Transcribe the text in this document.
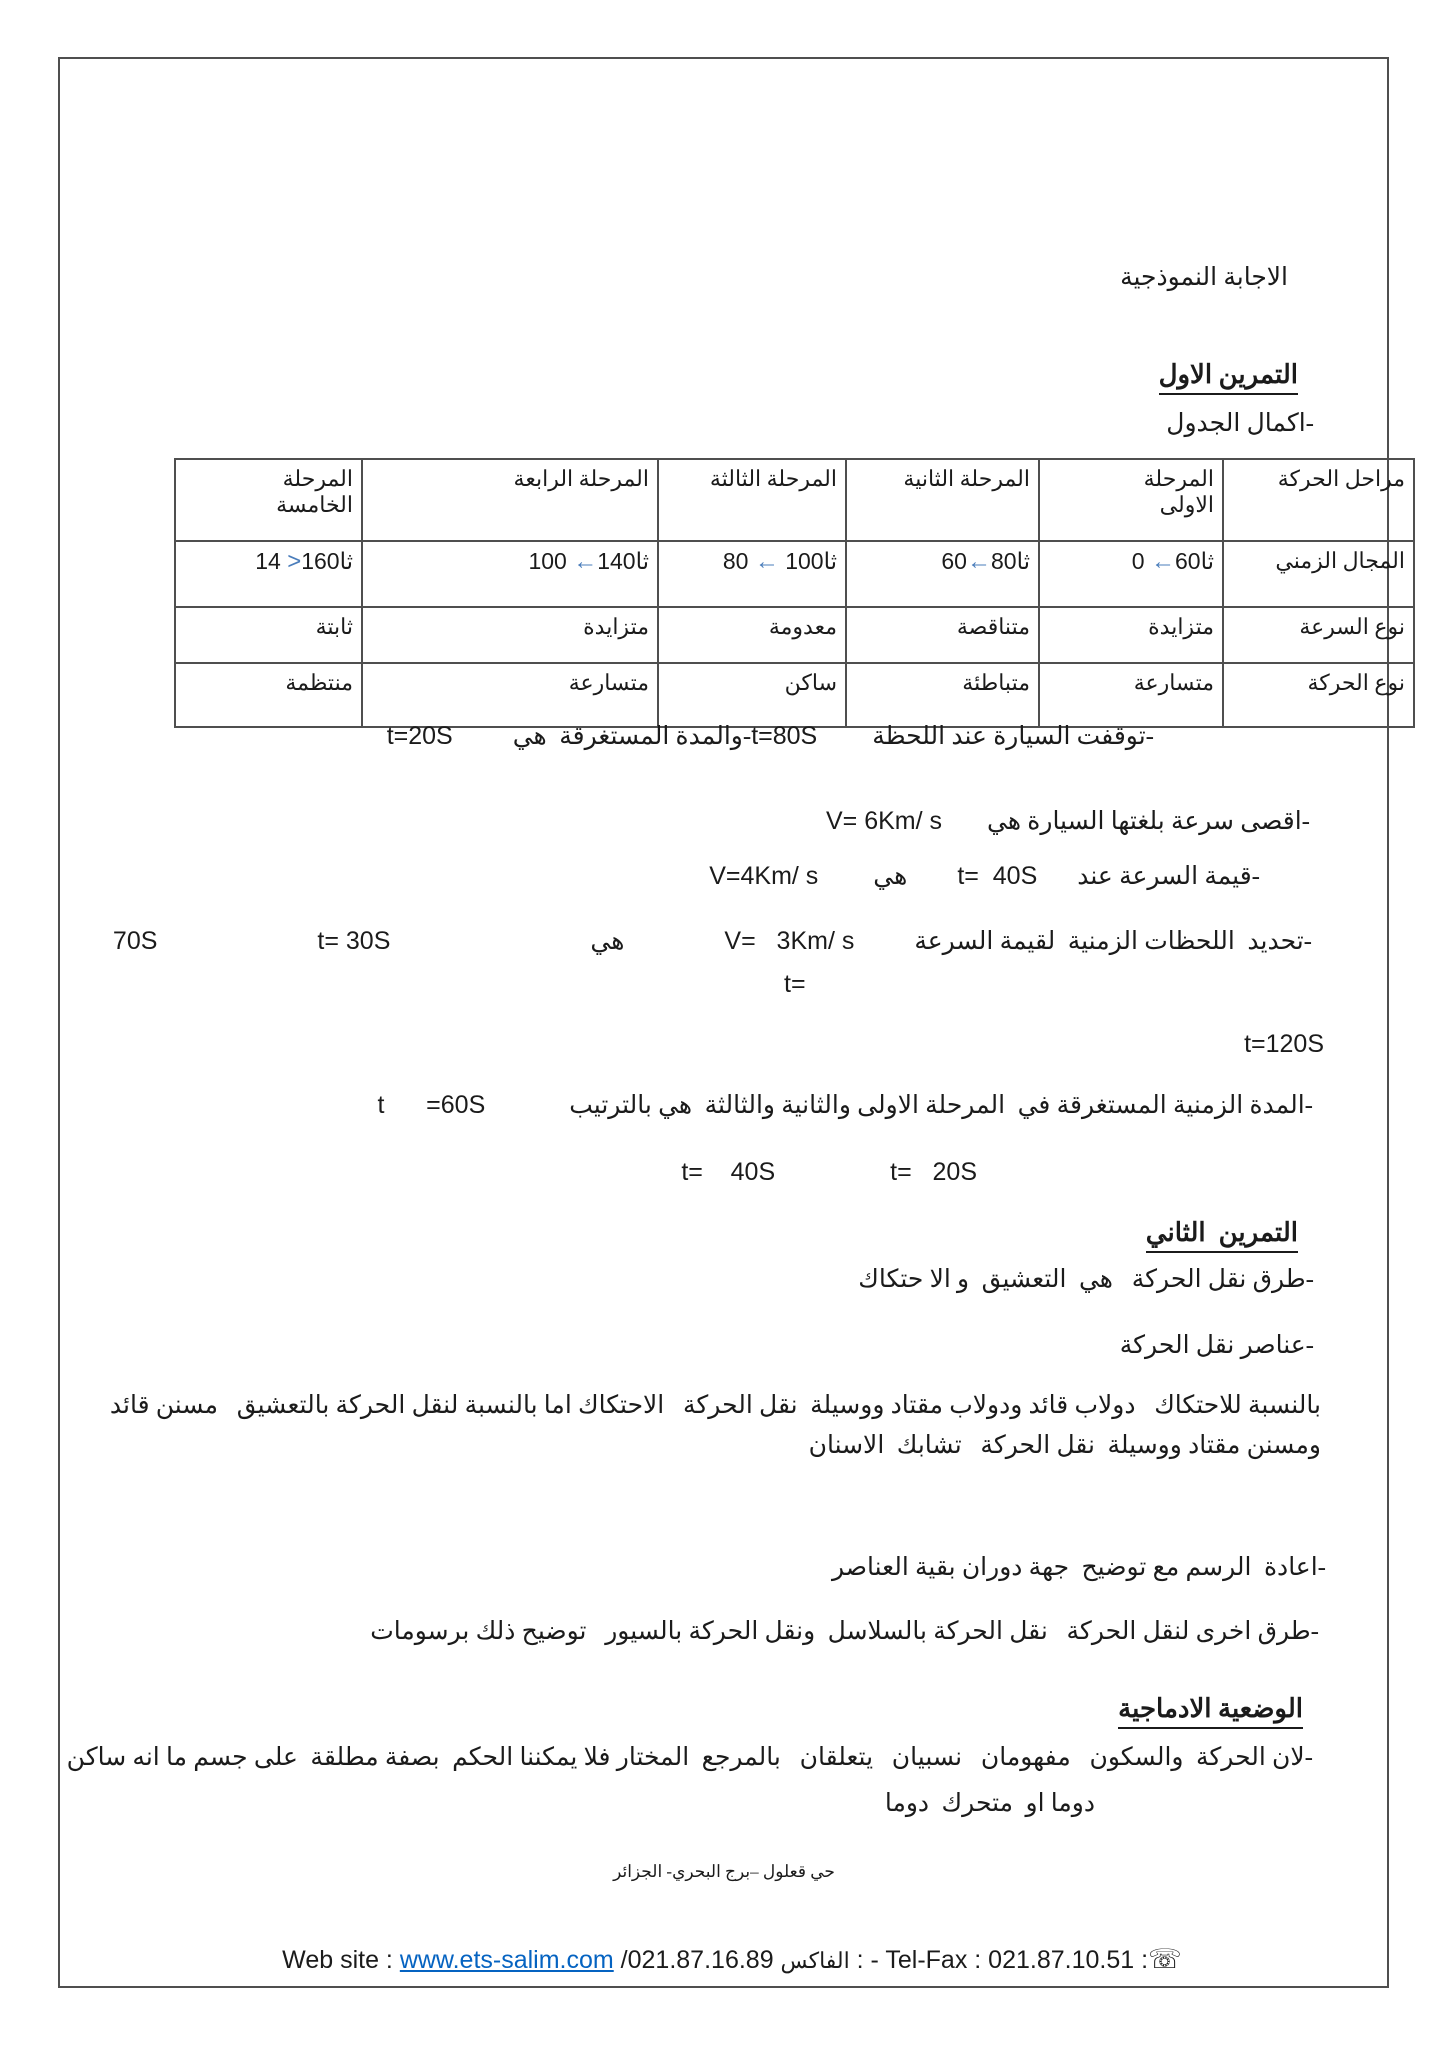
الاجابة النموذجية

التمرين الاول

-اكمال الجدول
مراحل الحركة	المرحلة الاولى	المرحلة الثانية	المرحلة الثالثة	المرحلة الرابعة	المرحلة الخامسة
المجال الزمني	ثا60← 0	ثا80←60	ثا100 ← 80	ثا140← 100	ثا160< 14
نوع السرعة	متزايدة	متناقصة	معدومة	متزايدة	ثابتة
نوع الحركة	متسارعة	متباطئة	ساكن	متسارعة	منتظمة

-توقفت السيارة عند اللحظةt=80S-والمدة المستغرقة  هيt=20S

-اقصى سرعة بلغتها السيارة هيV= 6Km/ s

-قيمة السرعة عندt=  40SهيV=4Km/ s

-تحديد  اللحظات الزمنية  لقيمة السرعةV=   3Km/ sهيt= 30S70S

t=

t=120S

-المدة الزمنية المستغرقة في  المرحلة الاولى والثانية والثالثة  هي بالترتيبt      =60S

t=   20St=    40S

التمرين  الثاني

-طرق نقل الحركة   هي  التعشيق  و الا حتكاك
-عناصر نقل الحركة
بالنسبة للاحتكاك   دولاب قائد ودولاب مقتاد ووسيلة  نقل الحركة   الاحتكاك اما بالنسبة لنقل الحركة بالتعشيق   مسنن قائد
ومسنن مقتاد ووسيلة  نقل الحركة   تشابك  الاسنان
-اعادة  الرسم مع توضيح  جهة دوران بقية العناصر
-طرق اخرى لنقل الحركة   نقل الحركة بالسلاسل  ونقل الحركة بالسيور   توضيح ذلك برسومات

الوضعية الادماجية

-لان الحركة  والسكون   مفهومان   نسبيان   يتعلقان   بالمرجع  المختار فلا يمكننا الحكم  بصفة مطلقة  على جسم ما انه ساكن
دوما او  متحرك  دوما
حي قعلول –برج البحري- الجزائر

Web site : www.ets-salim.com /021.87.16.89 الفاكس : - Tel-Fax : 021.87.10.51 :☏
